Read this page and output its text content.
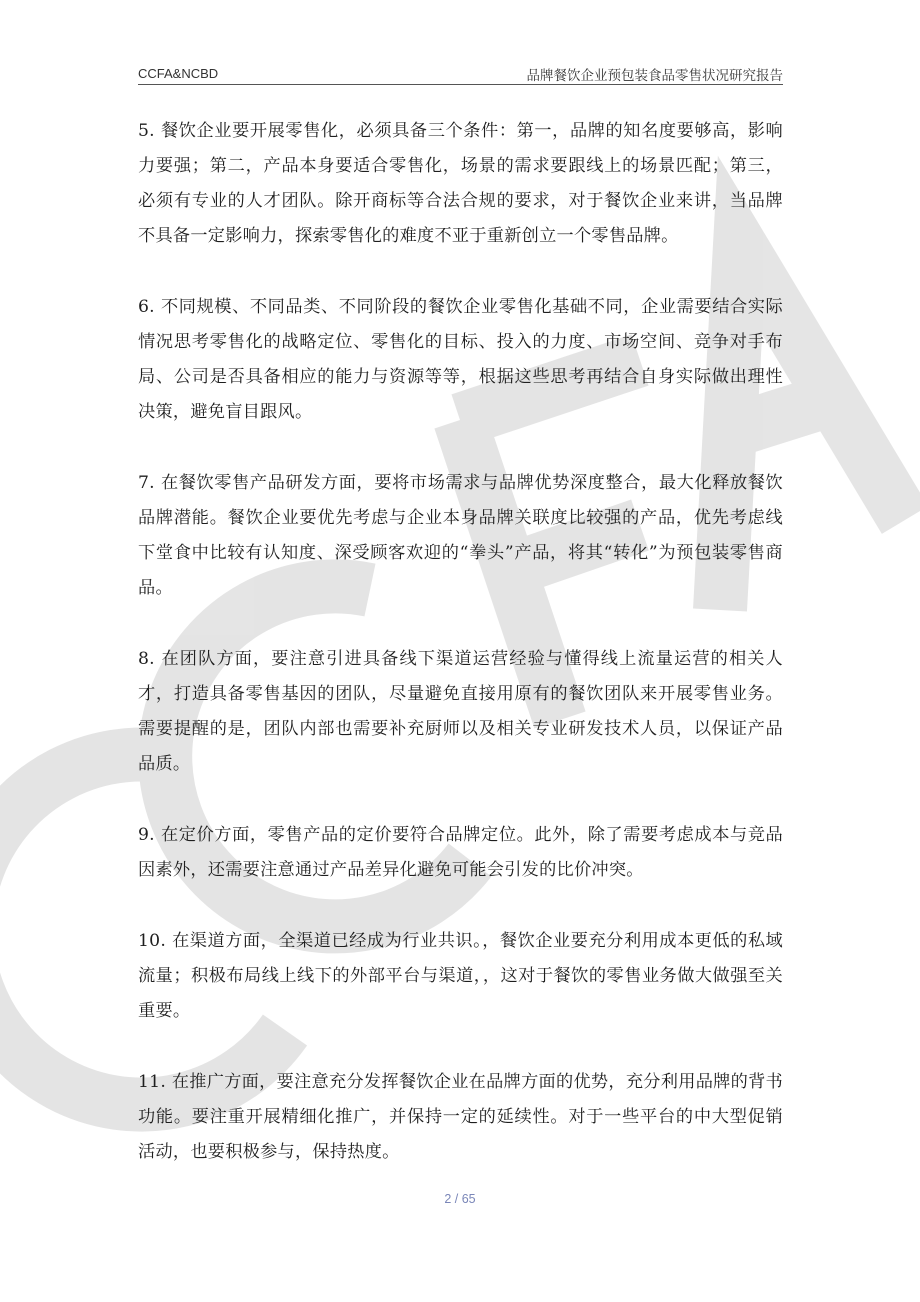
CCFA&NCBD	品牌餐饮企业预包装食品零售状况研究报告

5. 餐饮企业要开展零售化，必须具备三个条件：第一，品牌的知名度要够高，影响力要强；第二，产品本身要适合零售化，场景的需求要跟线上的场景匹配；第三，必须有专业的人才团队。除开商标等合法合规的要求，对于餐饮企业来讲，当品牌不具备一定影响力，探索零售化的难度不亚于重新创立一个零售品牌。

6. 不同规模、不同品类、不同阶段的餐饮企业零售化基础不同，企业需要结合实际情况思考零售化的战略定位、零售化的目标、投入的力度、市场空间、竞争对手布局、公司是否具备相应的能力与资源等等，根据这些思考再结合自身实际做出理性决策，避免盲目跟风。

7. 在餐饮零售产品研发方面，要将市场需求与品牌优势深度整合，最大化释放餐饮品牌潜能。餐饮企业要优先考虑与企业本身品牌关联度比较强的产品，优先考虑线下堂食中比较有认知度、深受顾客欢迎的“拳头”产品，将其“转化”为预包装零售商品。

8. 在团队方面，要注意引进具备线下渠道运营经验与懂得线上流量运营的相关人才，打造具备零售基因的团队，尽量避免直接用原有的餐饮团队来开展零售业务。需要提醒的是，团队内部也需要补充厨师以及相关专业研发技术人员，以保证产品品质。

9. 在定价方面，零售产品的定价要符合品牌定位。此外，除了需要考虑成本与竞品因素外，还需要注意通过产品差异化避免可能会引发的比价冲突。

10. 在渠道方面，全渠道已经成为行业共识。，餐饮企业要充分利用成本更低的私域流量；积极布局线上线下的外部平台与渠道，，这对于餐饮的零售业务做大做强至关重要。

11. 在推广方面，要注意充分发挥餐饮企业在品牌方面的优势，充分利用品牌的背书功能。要注重开展精细化推广，并保持一定的延续性。对于一些平台的中大型促销活动，也要积极参与，保持热度。

2 / 65
